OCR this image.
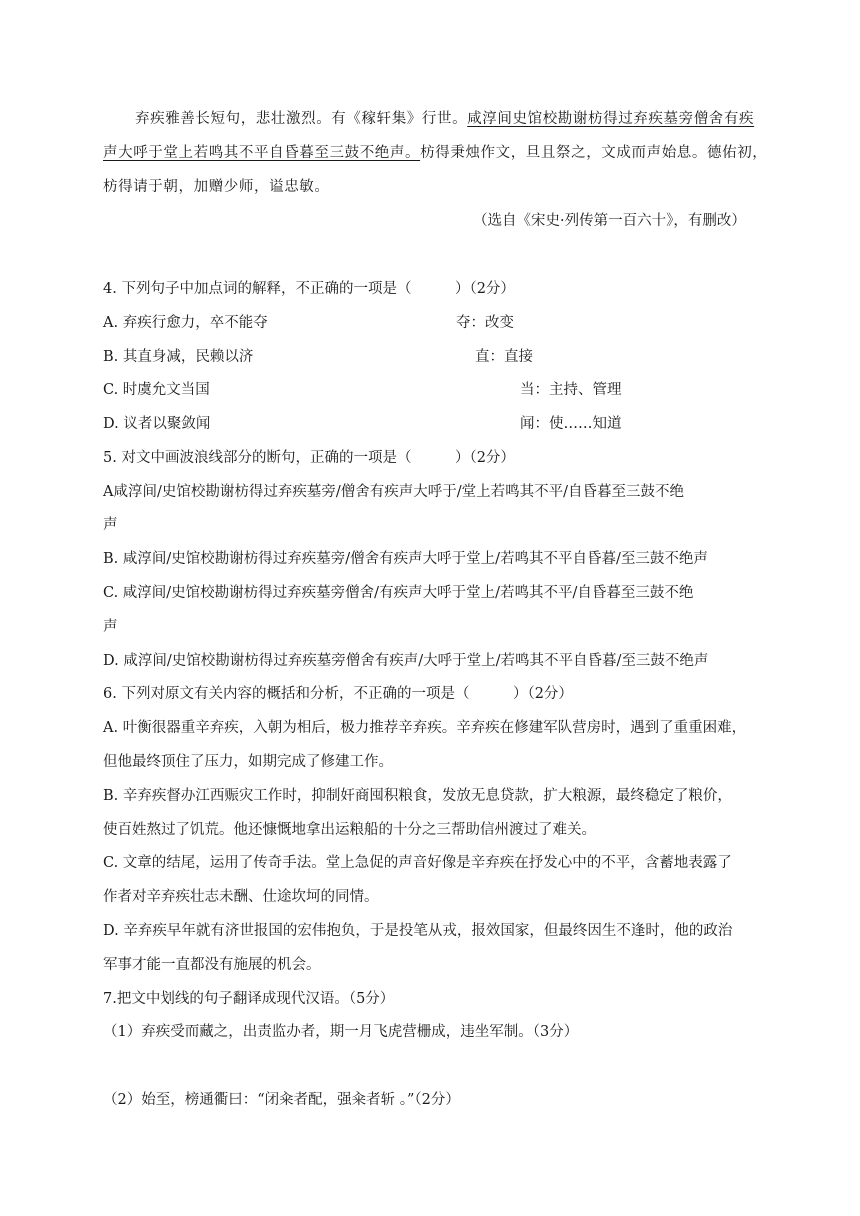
弃疾雅善长短句，悲壮激烈。有《稼轩集》行世。咸淳间史馆校勘谢枋得过弃疾墓旁僧舍有疾
声大呼于堂上若鸣其不平自昏暮至三鼓不绝声。枋得秉烛作文，旦且祭之，文成而声始息。德佑初，
枋得请于朝，加赠少师，谥忠敏。
（选自《宋史·列传第一百六十》，有删改）
4. 下列句子中加点词的解释，不正确的一项是（　　　）（2分）
A. 弃疾行愈力，卒不能夺	夺：改变
B. 其直身减，民赖以济	直：直接
C. 时虞允文当国	当：主持、管理
D. 议者以聚敛闻	闻：使……知道
5. 对文中画波浪线部分的断句，正确的一项是（　　　）（2分）
A咸淳间/史馆校勘谢枋得过弃疾墓旁/僧舍有疾声大呼于/堂上若鸣其不平/自昏暮至三鼓不绝
声
B. 咸淳间/史馆校勘谢枋得过弃疾墓旁/僧舍有疾声大呼于堂上/若鸣其不平自昏暮/至三鼓不绝声
C. 咸淳间/史馆校勘谢枋得过弃疾墓旁僧舍/有疾声大呼于堂上/若鸣其不平/自昏暮至三鼓不绝
声
D. 咸淳间/史馆校勘谢枋得过弃疾墓旁僧舍有疾声/大呼于堂上/若鸣其不平自昏暮/至三鼓不绝声
6. 下列对原文有关内容的概括和分析，不正确的一项是（　　　）（2分）
A. 叶衡很器重辛弃疾，入朝为相后，极力推荐辛弃疾。辛弃疾在修建军队营房时，遇到了重重困难，
但他最终顶住了压力，如期完成了修建工作。
B. 辛弃疾督办江西赈灾工作时，抑制奸商囤积粮食，发放无息贷款，扩大粮源，最终稳定了粮价，
使百姓熬过了饥荒。他还慷慨地拿出运粮船的十分之三帮助信州渡过了难关。
C. 文章的结尾，运用了传奇手法。堂上急促的声音好像是辛弃疾在抒发心中的不平，含蓄地表露了
作者对辛弃疾壮志未酬、仕途坎坷的同情。
D. 辛弃疾早年就有济世报国的宏伟抱负，于是投笔从戎，报效国家，但最终因生不逢时，他的政治
军事才能一直都没有施展的机会。
7.把文中划线的句子翻译成现代汉语。（5分）
（1）弃疾受而藏之，出责监办者，期一月飞虎营栅成，违坐军制。（3分）
（2）始至，榜通衢曰：“闭籴者配，强籴者斩 。”（2分）
